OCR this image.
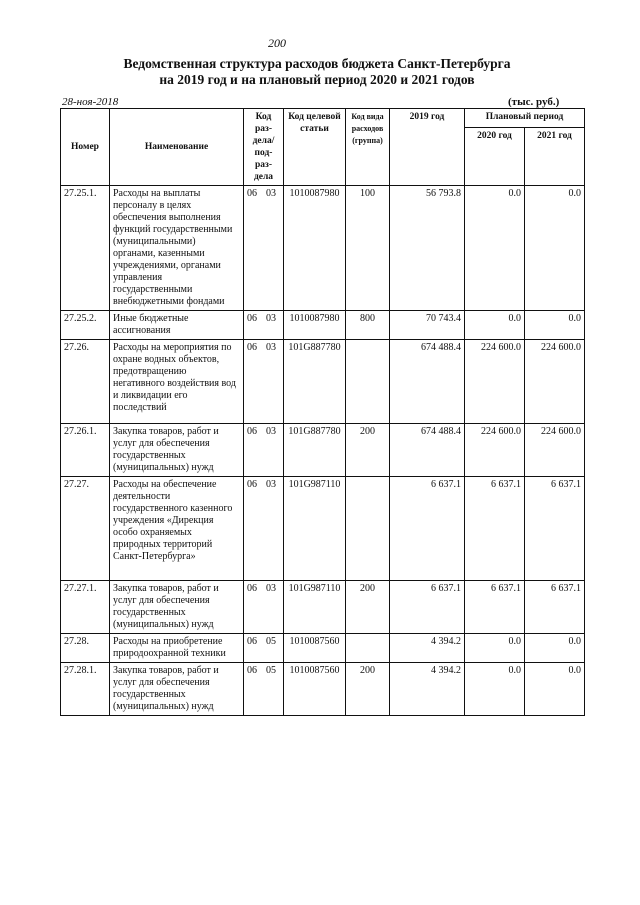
200
Ведомственная структура расходов бюджета Санкт-Петербурга
на 2019 год и на плановый период 2020 и 2021 годов
28-ноя-2018	(тыс. руб.)
Номер	Наименование	Код раз-дела/ под-раз-дела	Код целевой статьи	Код вида расходов (группа)	2019 год	Плановый период	
						2020 год	2021 год
27.25.1.	Расходы на выплаты персоналу в целях обеспечения выполнения функций государственными (муниципальными) органами, казенными учреждениями, органами управления государственными внебюджетными фондами	06 03	1010087980	100	56 793.8	0.0	0.0
27.25.2.	Иные бюджетные ассигнования	06 03	1010087980	800	70 743.4	0.0	0.0
27.26.	Расходы на мероприятия по охране водных объектов, предотвращению негативного воздействия вод и ликвидации его последствий	06 03	101G887780		674 488.4	224 600.0	224 600.0
27.26.1.	Закупка товаров, работ и услуг для обеспечения государственных (муниципальных) нужд	06 03	101G887780	200	674 488.4	224 600.0	224 600.0
27.27.	Расходы на обеспечение деятельности государственного казенного учреждения «Дирекция особо охраняемых природных территорий Санкт-Петербурга»	06 03	101G987110		6 637.1	6 637.1	6 637.1
27.27.1.	Закупка товаров, работ и услуг для обеспечения государственных (муниципальных) нужд	06 03	101G987110	200	6 637.1	6 637.1	6 637.1
27.28.	Расходы на приобретение природоохранной техники	06 05	1010087560		4 394.2	0.0	0.0
27.28.1.	Закупка товаров, работ и услуг для обеспечения государственных (муниципальных) нужд	06 05	1010087560	200	4 394.2	0.0	0.0
